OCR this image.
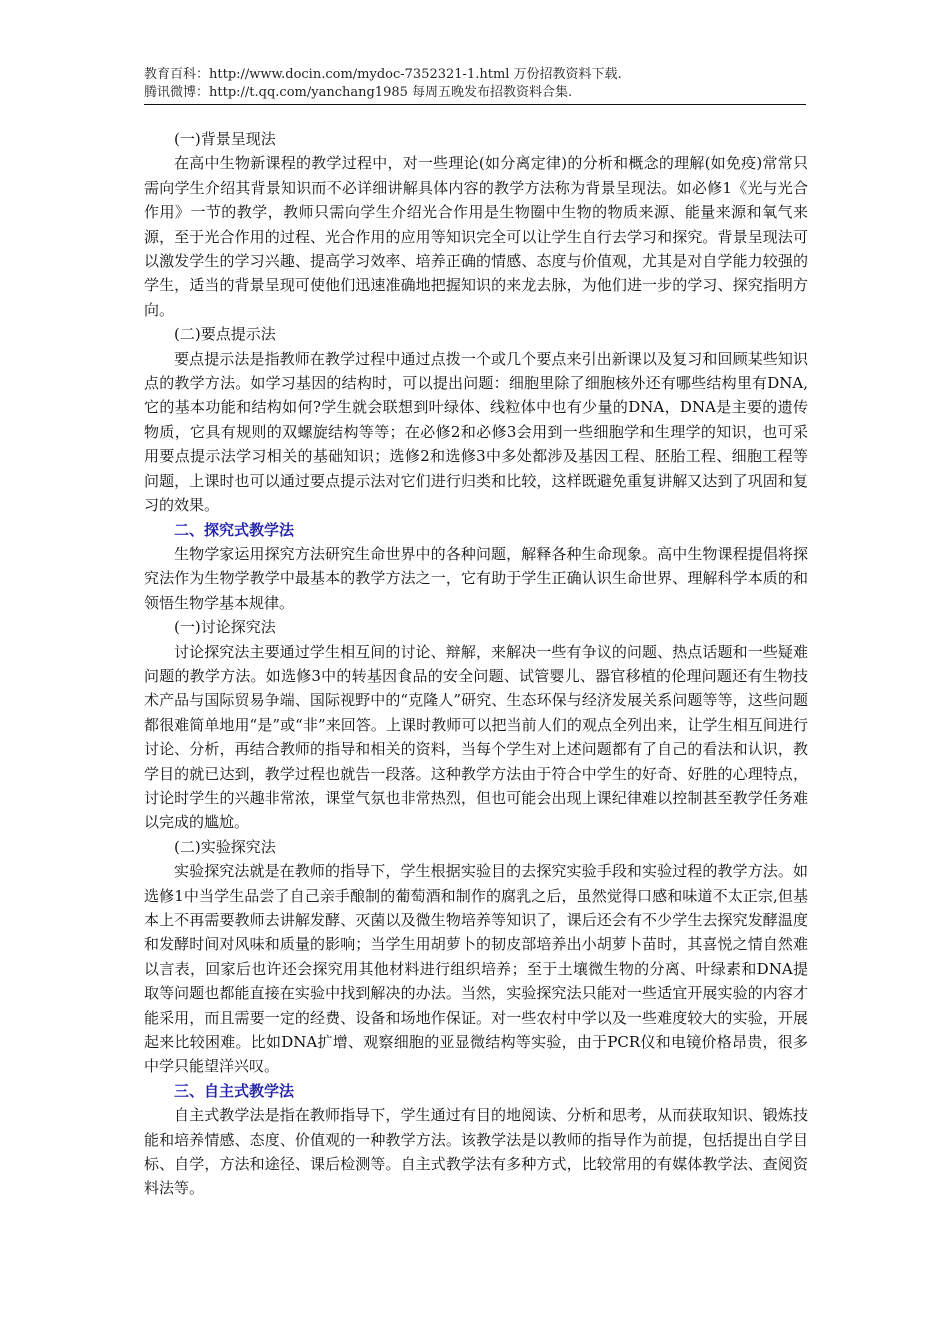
教育百科：http://www.docin.com/mydoc-7352321-1.html 万份招教资料下载.
腾讯微博：http://t.qq.com/yanchang1985 每周五晚发布招教资料合集.
(一)背景呈现法

在高中生物新课程的教学过程中，对一些理论(如分离定律)的分析和概念的理解(如免疫)常常只需向学生介绍其背景知识而不必详细讲解具体内容的教学方法称为背景呈现法。如必修1《光与光合作用》一节的教学，教师只需向学生介绍光合作用是生物圈中生物的物质来源、能量来源和氧气来源，至于光合作用的过程、光合作用的应用等知识完全可以让学生自行去学习和探究。背景呈现法可以激发学生的学习兴趣、提高学习效率、培养正确的情感、态度与价值观，尤其是对自学能力较强的学生，适当的背景呈现可使他们迅速准确地把握知识的来龙去脉，为他们进一步的学习、探究指明方向。

(二)要点提示法

要点提示法是指教师在教学过程中通过点拨一个或几个要点来引出新课以及复习和回顾某些知识点的教学方法。如学习基因的结构时，可以提出问题：细胞里除了细胞核外还有哪些结构里有DNA,它的基本功能和结构如何?学生就会联想到叶绿体、线粒体中也有少量的DNA，DNA是主要的遗传物质，它具有规则的双螺旋结构等等；在必修2和必修3会用到一些细胞学和生理学的知识，也可采用要点提示法学习相关的基础知识；选修2和选修3中多处都涉及基因工程、胚胎工程、细胞工程等问题，上课时也可以通过要点提示法对它们进行归类和比较，这样既避免重复讲解又达到了巩固和复习的效果。

二、探究式教学法

生物学家运用探究方法研究生命世界中的各种问题，解释各种生命现象。高中生物课程提倡将探究法作为生物学教学中最基本的教学方法之一，它有助于学生正确认识生命世界、理解科学本质的和领悟生物学基本规律。

(一)讨论探究法

讨论探究法主要通过学生相互间的讨论、辩解，来解决一些有争议的问题、热点话题和一些疑难问题的教学方法。如选修3中的转基因食品的安全问题、试管婴儿、器官移植的伦理问题还有生物技术产品与国际贸易争端、国际视野中的“克隆人”研究、生态环保与经济发展关系问题等等，这些问题都很难简单地用“是”或“非”来回答。上课时教师可以把当前人们的观点全列出来，让学生相互间进行讨论、分析，再结合教师的指导和相关的资料，当每个学生对上述问题都有了自己的看法和认识，教学目的就已达到，教学过程也就告一段落。这种教学方法由于符合中学生的好奇、好胜的心理特点，讨论时学生的兴趣非常浓，课堂气氛也非常热烈，但也可能会出现上课纪律难以控制甚至教学任务难以完成的尴尬。

(二)实验探究法

实验探究法就是在教师的指导下，学生根据实验目的去探究实验手段和实验过程的教学方法。如选修1中当学生品尝了自己亲手酿制的葡萄酒和制作的腐乳之后，虽然觉得口感和味道不太正宗,但基本上不再需要教师去讲解发酵、灭菌以及微生物培养等知识了，课后还会有不少学生去探究发酵温度和发酵时间对风味和质量的影响；当学生用胡萝卜的韧皮部培养出小胡萝卜苗时，其喜悦之情自然难以言表，回家后也许还会探究用其他材料进行组织培养；至于土壤微生物的分离、叶绿素和DNA提取等问题也都能直接在实验中找到解决的办法。当然，实验探究法只能对一些适宜开展实验的内容才能采用，而且需要一定的经费、设备和场地作保证。对一些农村中学以及一些难度较大的实验，开展起来比较困难。比如DNA扩增、观察细胞的亚显微结构等实验，由于PCR仪和电镜价格昂贵，很多中学只能望洋兴叹。

三、自主式教学法

自主式教学法是指在教师指导下，学生通过有目的地阅读、分析和思考，从而获取知识、锻炼技能和培养情感、态度、价值观的一种教学方法。该教学法是以教师的指导作为前提，包括提出自学目标、自学，方法和途径、课后检测等。自主式教学法有多种方式，比较常用的有媒体教学法、查阅资料法等。
